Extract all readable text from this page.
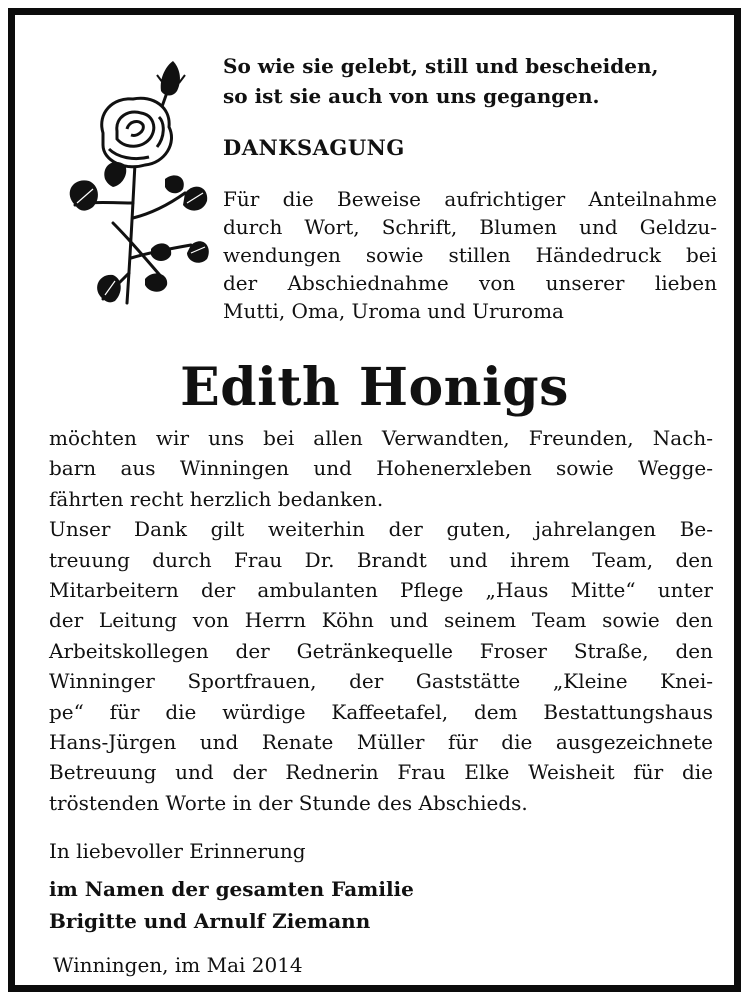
So wie sie gelebt, still und bescheiden,
so ist sie auch von uns gegangen.
DANKSAGUNG
Für die Beweise aufrichtiger Anteilnahme
durch Wort, Schrift, Blumen und Geldzu-
wendungen sowie stillen Händedruck bei
der Abschiednahme von unserer lieben
Mutti, Oma, Uroma und Ururoma
Edith Honigs
möchten wir uns bei allen Verwandten, Freunden, Nach-
barn aus Winningen und Hohenerxleben sowie Wegge-
fährten recht herzlich bedanken.
Unser Dank gilt weiterhin der guten, jahrelangen Be-
treuung durch Frau Dr. Brandt und ihrem Team, den
Mitarbeitern der ambulanten Pflege „Haus Mitte“ unter
der Leitung von Herrn Köhn und seinem Team sowie den
Arbeitskollegen der Getränkequelle Froser Straße, den
Winninger Sportfrauen, der Gaststätte „Kleine Knei-
pe“ für die würdige Kaffeetafel, dem Bestattungshaus
Hans-Jürgen und Renate Müller für die ausgezeichnete
Betreuung und der Rednerin Frau Elke Weisheit für die
tröstenden Worte in der Stunde des Abschieds.
In liebevoller Erinnerung
im Namen der gesamten Familie
Brigitte und Arnulf Ziemann
Winningen, im Mai 2014
